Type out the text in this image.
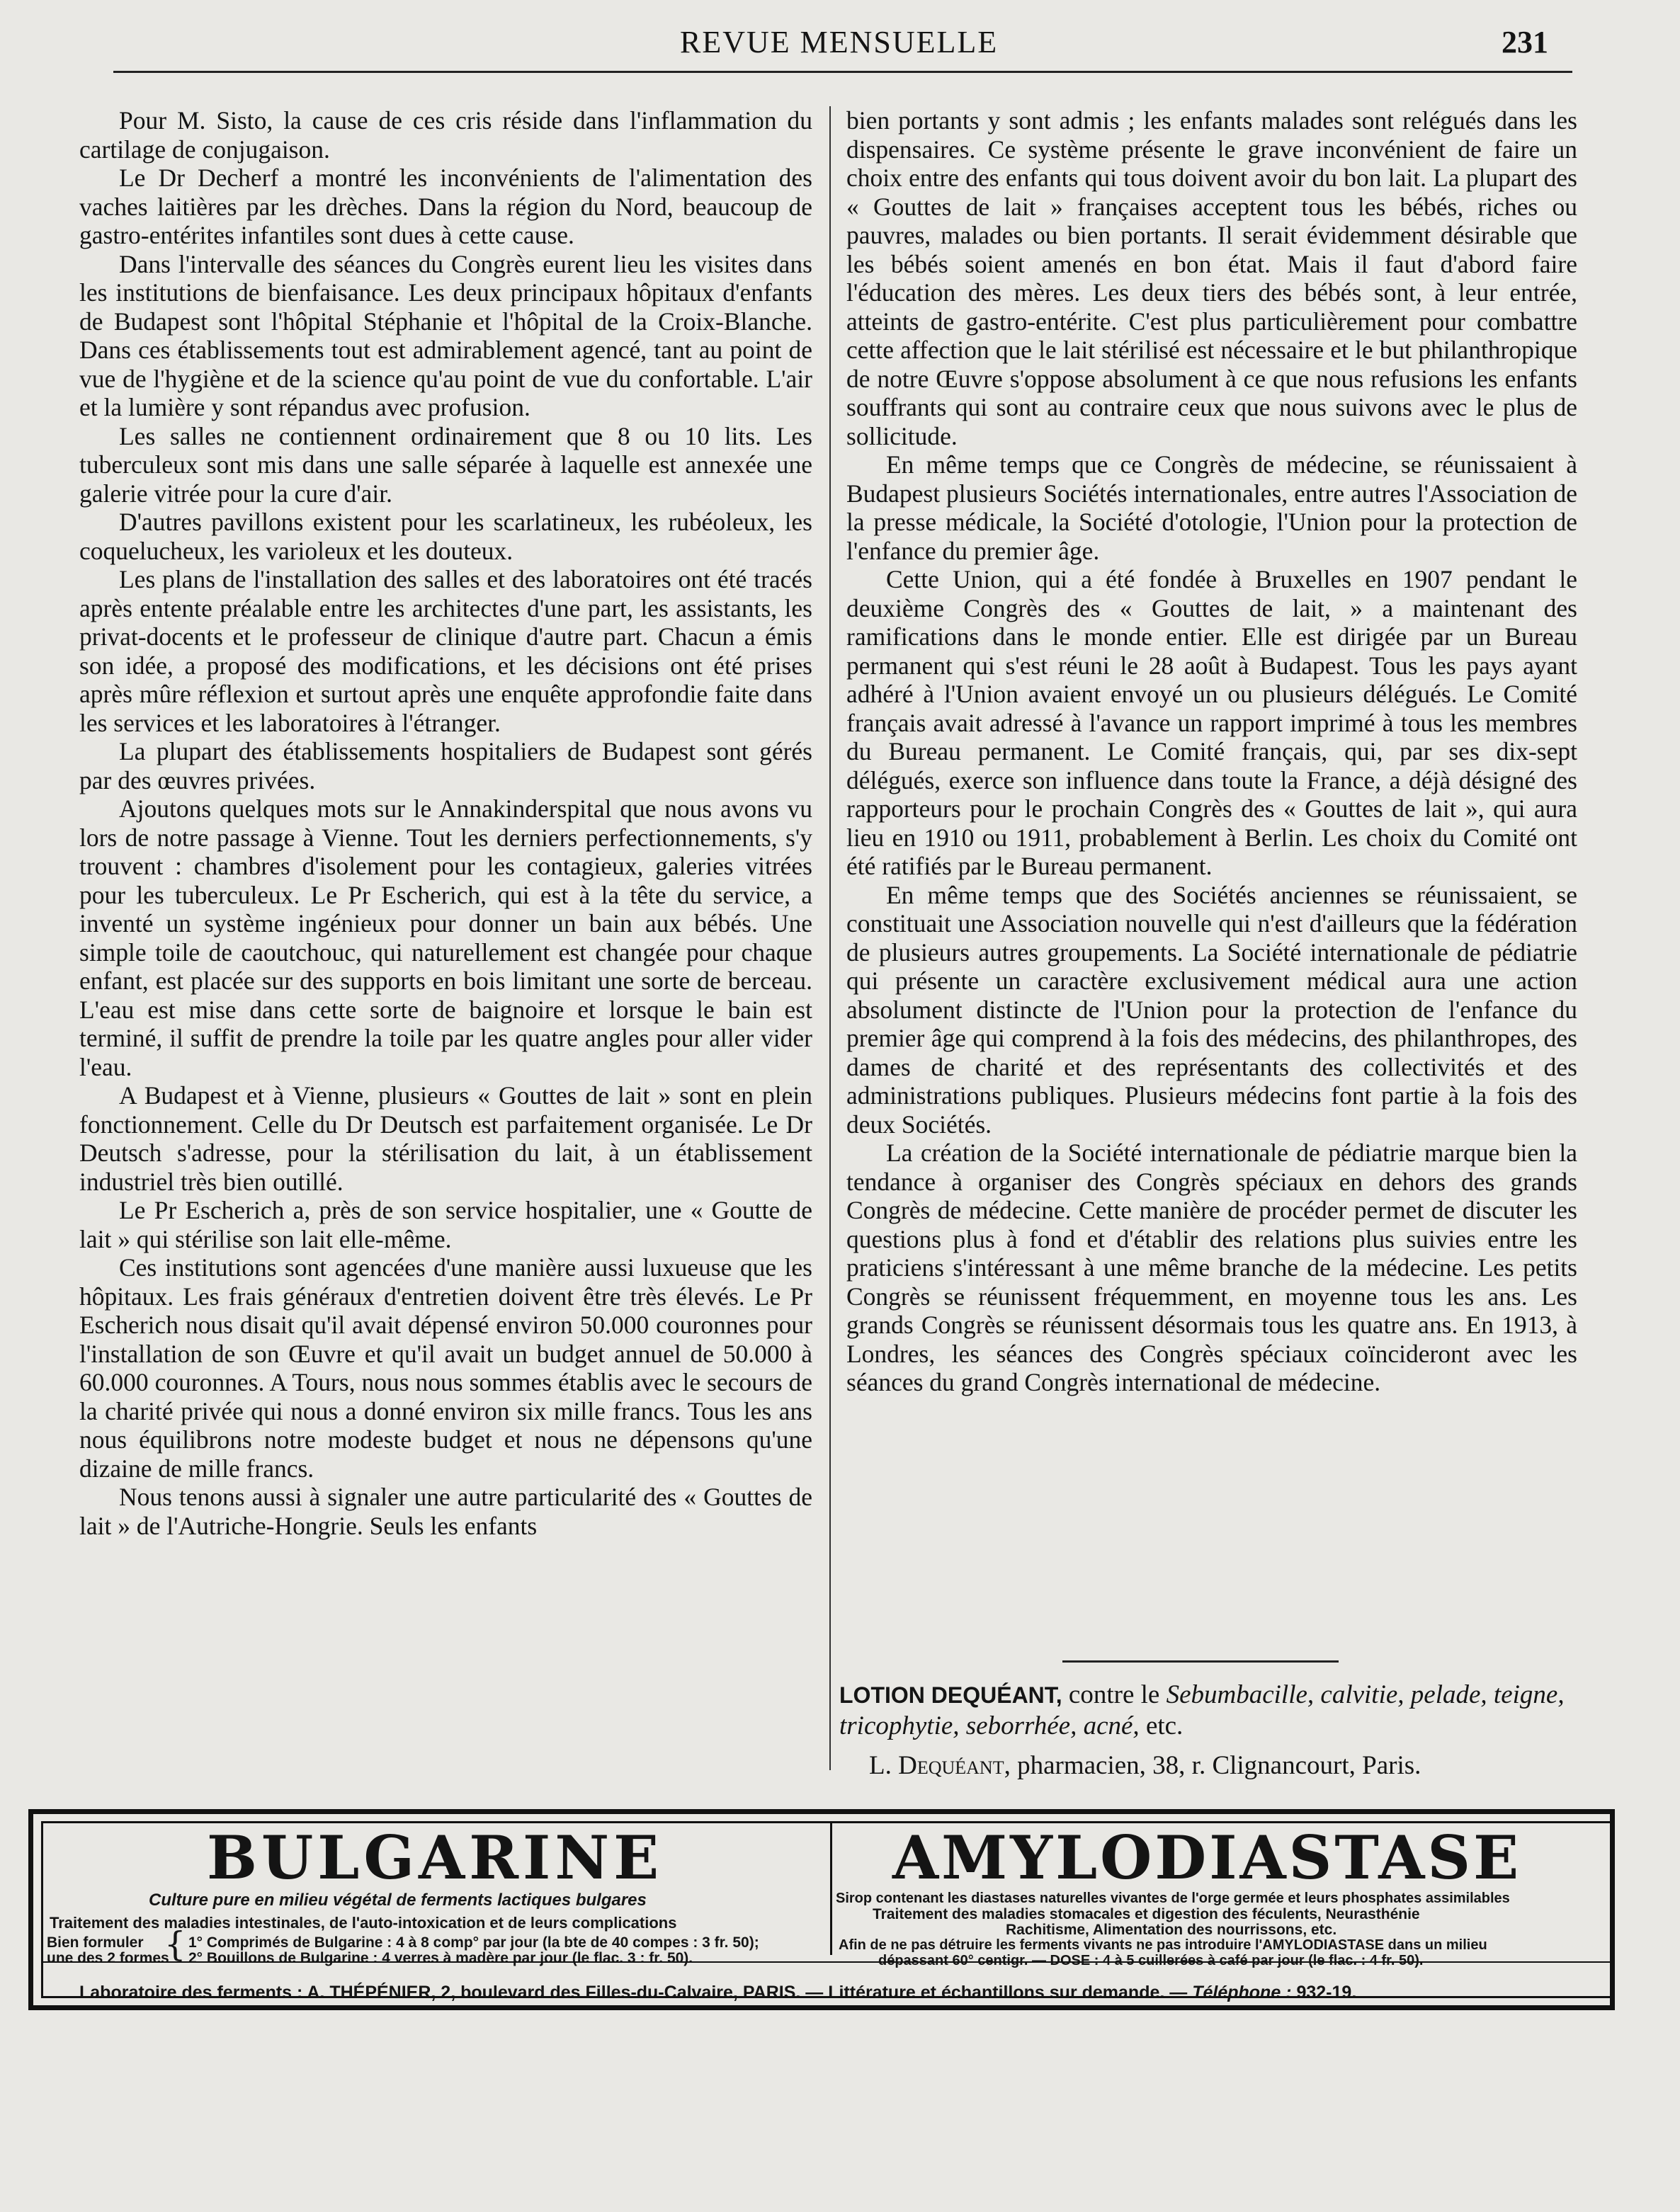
REVUE MENSUELLE	231

Pour M. Sisto, la cause de ces cris réside dans l'inflammation du cartilage de conjugaison.

Le Dr Decherf a montré les inconvénients de l'alimentation des vaches laitières par les drèches. Dans la région du Nord, beaucoup de gastro-entérites infantiles sont dues à cette cause.

Dans l'intervalle des séances du Congrès eurent lieu les visites dans les institutions de bienfaisance. Les deux principaux hôpitaux d'enfants de Budapest sont l'hôpital Stéphanie et l'hôpital de la Croix-Blanche. Dans ces établissements tout est admirablement agencé, tant au point de vue de l'hygiène et de la science qu'au point de vue du confortable. L'air et la lumière y sont répandus avec profusion.

Les salles ne contiennent ordinairement que 8 ou 10 lits. Les tuberculeux sont mis dans une salle séparée à laquelle est annexée une galerie vitrée pour la cure d'air.

D'autres pavillons existent pour les scarlatineux, les rubéoleux, les coquelucheux, les varioleux et les douteux.

Les plans de l'installation des salles et des laboratoires ont été tracés après entente préalable entre les architectes d'une part, les assistants, les privat-docents et le professeur de clinique d'autre part. Chacun a émis son idée, a proposé des modifications, et les décisions ont été prises après mûre réflexion et surtout après une enquête approfondie faite dans les services et les laboratoires à l'étranger.

La plupart des établissements hospitaliers de Budapest sont gérés par des œuvres privées.

Ajoutons quelques mots sur le Annakinderspital que nous avons vu lors de notre passage à Vienne. Tout les derniers perfectionnements, s'y trouvent : chambres d'isolement pour les contagieux, galeries vitrées pour les tuberculeux. Le Pr Escherich, qui est à la tête du service, a inventé un système ingénieux pour donner un bain aux bébés. Une simple toile de caoutchouc, qui naturellement est changée pour chaque enfant, est placée sur des supports en bois limitant une sorte de berceau. L'eau est mise dans cette sorte de baignoire et lorsque le bain est terminé, il suffit de prendre la toile par les quatre angles pour aller vider l'eau.

A Budapest et à Vienne, plusieurs « Gouttes de lait » sont en plein fonctionnement. Celle du Dr Deutsch est parfaitement organisée. Le Dr Deutsch s'adresse, pour la stérilisation du lait, à un établissement industriel très bien outillé.

Le Pr Escherich a, près de son service hospitalier, une « Goutte de lait » qui stérilise son lait elle-même.

Ces institutions sont agencées d'une manière aussi luxueuse que les hôpitaux. Les frais généraux d'entretien doivent être très élevés. Le Pr Escherich nous disait qu'il avait dépensé environ 50.000 couronnes pour l'installation de son Œuvre et qu'il avait un budget annuel de 50.000 à 60.000 couronnes. A Tours, nous nous sommes établis avec le secours de la charité privée qui nous a donné environ six mille francs. Tous les ans nous équilibrons notre modeste budget et nous ne dépensons qu'une dizaine de mille francs.

Nous tenons aussi à signaler une autre particularité des « Gouttes de lait » de l'Autriche-Hongrie. Seuls les enfants

bien portants y sont admis ; les enfants malades sont relégués dans les dispensaires. Ce système présente le grave inconvénient de faire un choix entre des enfants qui tous doivent avoir du bon lait. La plupart des « Gouttes de lait » françaises acceptent tous les bébés, riches ou pauvres, malades ou bien portants. Il serait évidemment désirable que les bébés soient amenés en bon état. Mais il faut d'abord faire l'éducation des mères. Les deux tiers des bébés sont, à leur entrée, atteints de gastro-entérite. C'est plus particulièrement pour combattre cette affection que le lait stérilisé est nécessaire et le but philanthropique de notre Œuvre s'oppose absolument à ce que nous refusions les enfants souffrants qui sont au contraire ceux que nous suivons avec le plus de sollicitude.

En même temps que ce Congrès de médecine, se réunissaient à Budapest plusieurs Sociétés internationales, entre autres l'Association de la presse médicale, la Société d'otologie, l'Union pour la protection de l'enfance du premier âge.

Cette Union, qui a été fondée à Bruxelles en 1907 pendant le deuxième Congrès des « Gouttes de lait, » a maintenant des ramifications dans le monde entier. Elle est dirigée par un Bureau permanent qui s'est réuni le 28 août à Budapest. Tous les pays ayant adhéré à l'Union avaient envoyé un ou plusieurs délégués. Le Comité français avait adressé à l'avance un rapport imprimé à tous les membres du Bureau permanent. Le Comité français, qui, par ses dix-sept délégués, exerce son influence dans toute la France, a déjà désigné des rapporteurs pour le prochain Congrès des « Gouttes de lait », qui aura lieu en 1910 ou 1911, probablement à Berlin. Les choix du Comité ont été ratifiés par le Bureau permanent.

En même temps que des Sociétés anciennes se réunissaient, se constituait une Association nouvelle qui n'est d'ailleurs que la fédération de plusieurs autres groupements. La Société internationale de pédiatrie qui présente un caractère exclusivement médical aura une action absolument distincte de l'Union pour la protection de l'enfance du premier âge qui comprend à la fois des médecins, des philanthropes, des dames de charité et des représentants des collectivités et des administrations publiques. Plusieurs médecins font partie à la fois des deux Sociétés.

La création de la Société internationale de pédiatrie marque bien la tendance à organiser des Congrès spéciaux en dehors des grands Congrès de médecine. Cette manière de procéder permet de discuter les questions plus à fond et d'établir des relations plus suivies entre les praticiens s'intéressant à une même branche de la médecine. Les petits Congrès se réunissent fréquemment, en moyenne tous les ans. Les grands Congrès se réunissent désormais tous les quatre ans. En 1913, à Londres, les séances des Congrès spéciaux coïncideront avec les séances du grand Congrès international de médecine.

LOTION DEQUÉANT, contre le Sebumbacille, calvitie, pelade, teigne, tricophytie, seborrhée, acné, etc.
L. Dequéant, pharmacien, 38, r. Clignancourt, Paris.
BULGARINE
Culture pure en milieu végétal de ferments lactiques bulgares
Traitement des maladies intestinales, de l'auto-intoxication et de leurs complications
Bien formuler
une des 2 formes
{ 1° Comprimés de Bulgarine : 4 à 8 comp° par jour (la bte de 40 compes : 3 fr. 50);
2° Bouillons de Bulgarine : 4 verres à madère par jour (le flac. 3 : fr. 50).
AMYLODIASTASE
Sirop contenant les diastases naturelles vivantes de l'orge germée et leurs phosphates assimilables
Traitement des maladies stomacales et digestion des féculents, Neurasthénie
Rachitisme, Alimentation des nourrissons, etc.
Afin de ne pas détruire les ferments vivants ne pas introduire l'AMYLODIASTASE dans un milieu
dépassant 60° centigr. — DOSE : 4 à 5 cuillerées à café par jour (le flac. : 4 fr. 50).
Laboratoire des ferments : A. THÉPÉNIER, 2, boulevard des Filles-du-Calvaire, PARIS. — Littérature et échantillons sur demande. — Téléphone : 932-19.
